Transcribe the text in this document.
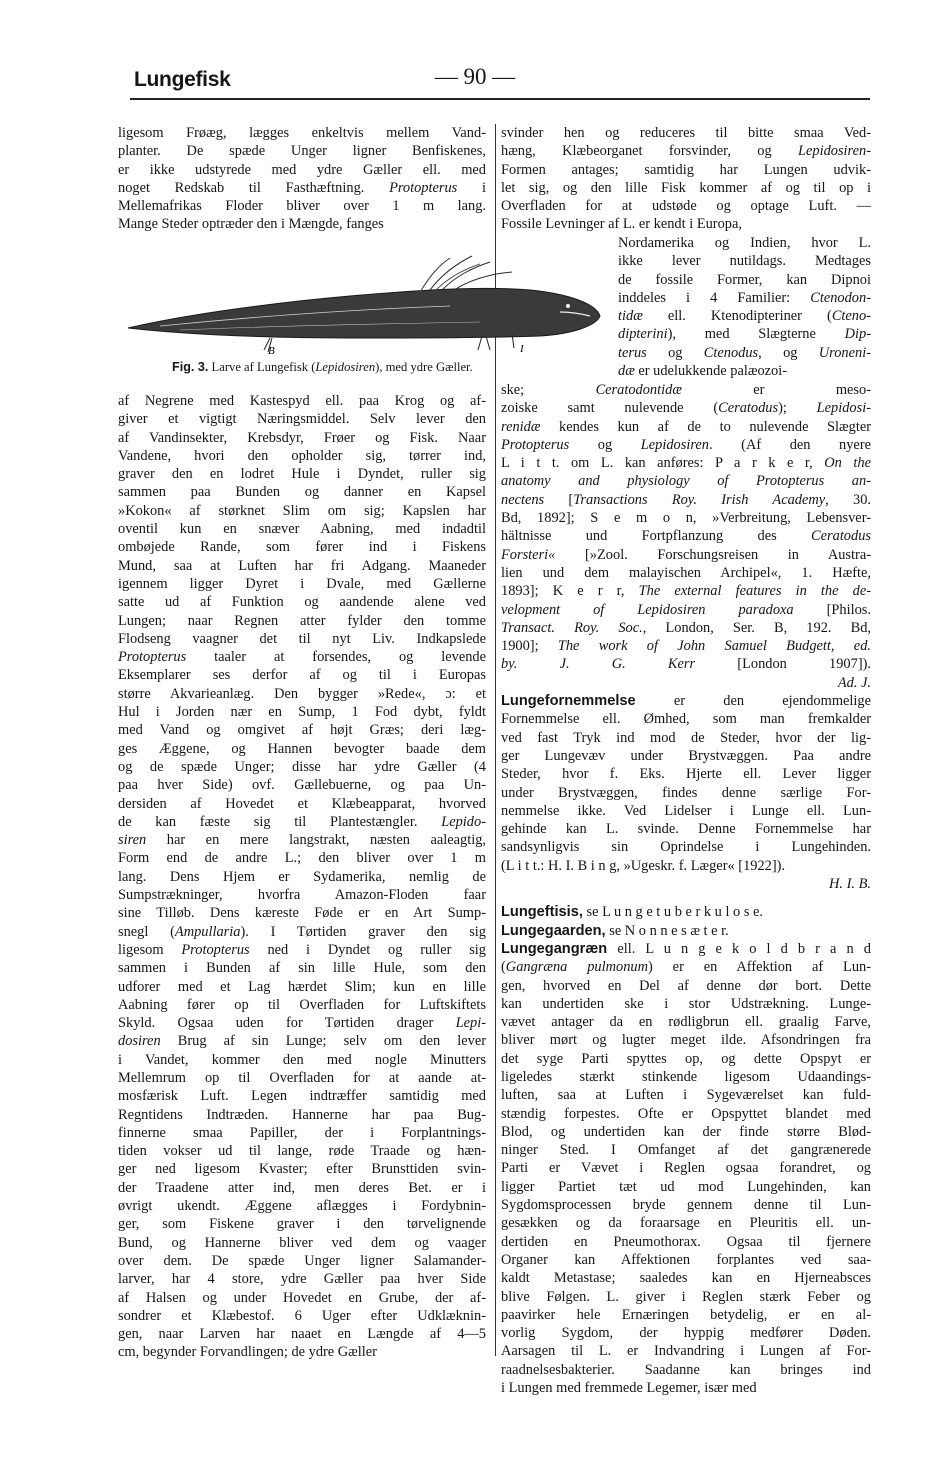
Lungefisk	— 90 —
ligesom Frøæg, lægges enkeltvis mellem Vand-
planter. De spæde Unger ligner Benfiskenes,
er ikke udstyrede med ydre Gæller ell. med
noget Redskab til Fasthæftning. Protopterus i
Mellemafrikas Floder bliver over 1 m lang.
Mange Steder optræder den i Mængde, fanges
B	I
Fig. 3. Larve af Lungefisk (Lepidosiren), med ydre Gæller.
af Negrene med Kastespyd ell. paa Krog og af-
giver et vigtigt Næringsmiddel. Selv lever den
af Vandinsekter, Krebsdyr, Frøer og Fisk. Naar
Vandene, hvori den opholder sig, tørrer ind,
graver den en lodret Hule i Dyndet, ruller sig
sammen paa Bunden og danner en Kapsel
»Kokon« af størknet Slim om sig; Kapslen har
oventil kun en snæver Aabning, med indadtil
ombøjede Rande, som fører ind i Fiskens
Mund, saa at Luften har fri Adgang. Maaneder
igennem ligger Dyret i Dvale, med Gællerne
satte ud af Funktion og aandende alene ved
Lungen; naar Regnen atter fylder den tomme
Flodseng vaagner det til nyt Liv. Indkapslede
Protopterus taaler at forsendes, og levende
Eksemplarer ses derfor af og til i Europas
større Akvarieanlæg. Den bygger »Rede«, ɔ: et
Hul i Jorden nær en Sump, 1 Fod dybt, fyldt
med Vand og omgivet af højt Græs; deri læg-
ges Æggene, og Hannen bevogter baade dem
og de spæde Unger; disse har ydre Gæller (4
paa hver Side) ovf. Gællebuerne, og paa Un-
dersiden af Hovedet et Klæbeapparat, hvorved
de kan fæste sig til Plantestængler. Lepido-
siren har en mere langstrakt, næsten aaleagtig,
Form end de andre L.; den bliver over 1 m
lang. Dens Hjem er Sydamerika, nemlig de
Sumpstrækninger, hvorfra Amazon-Floden faar
sine Tilløb. Dens kæreste Føde er en Art Sump-
snegl (Ampullaria). I Tørtiden graver den sig
ligesom Protopterus ned i Dyndet og ruller sig
sammen i Bunden af sin lille Hule, som den
udforer med et Lag hærdet Slim; kun en lille
Aabning fører op til Overfladen for Luftskiftets
Skyld. Ogsaa uden for Tørtiden drager Lepi-
dosiren Brug af sin Lunge; selv om den lever
i Vandet, kommer den med nogle Minutters
Mellemrum op til Overfladen for at aande at-
mosfærisk Luft. Legen indtræffer samtidig med
Regntidens Indtræden. Hannerne har paa Bug-
finnerne smaa Papiller, der i Forplantnings-
tiden vokser ud til lange, røde Traade og hæn-
ger ned ligesom Kvaster; efter Brunsttiden svin-
der Traadene atter ind, men deres Bet. er i
øvrigt ukendt. Æggene aflægges i Fordybnin-
ger, som Fiskene graver i den tørvelignende
Bund, og Hannerne bliver ved dem og vaager
over dem. De spæde Unger ligner Salamander-
larver, har 4 store, ydre Gæller paa hver Side
af Halsen og under Hovedet en Grube, der af-
sondrer et Klæbestof. 6 Uger efter Udklæknin-
gen, naar Larven har naaet en Længde af 4—5
cm, begynder Forvandlingen; de ydre Gæller
svinder hen og reduceres til bitte smaa Ved-
hæng, Klæbeorganet forsvinder, og Lepidosiren-
Formen antages; samtidig har Lungen udvik-
let sig, og den lille Fisk kommer af og til op i
Overfladen for at udstøde og optage Luft. —
Fossile Levninger af L. er kendt i Europa,
Nordamerika og Indien, hvor L.
ikke lever nutildags. Medtages
de fossile Former, kan Dipnoi
inddeles i 4 Familier: Ctenodon-
tidæ ell. Ktenodipteriner (Cteno-
dipterini), med Slægterne Dip-
terus og Ctenodus, og Uroneni-
dæ er udelukkende palæozoi-
ske; Ceratodontidæ er meso-
zoiske samt nulevende (Ceratodus); Lepidosi-
renidæ kendes kun af de to nulevende Slægter
Protopterus og Lepidosiren. (Af den nyere
L i t t. om L. kan anføres: P a r k e r, On the
anatomy and physiology of Protopterus an-
nectens [Transactions Roy. Irish Academy, 30.
Bd, 1892]; S e m o n, »Verbreitung, Lebensver-
hältnisse und Fortpflanzung des Ceratodus
Forsteri« [»Zool. Forschungsreisen in Austra-
lien und dem malayischen Archipel«, 1. Hæfte,
1893]; K e r r, The external features in the de-
velopment of Lepidosiren paradoxa [Philos.
Transact. Roy. Soc., London, Ser. B, 192. Bd,
1900]; The work of John Samuel Budgett, ed.
by. J. G. Kerr [London 1907]).
Ad. J.
Lungefornemmelse	er den ejendommelige
Fornemmelse ell. Ømhed, som man fremkalder
ved fast Tryk ind mod de Steder, hvor der lig-
ger Lungevæv under Brystvæggen. Paa andre
Steder, hvor f. Eks. Hjerte ell. Lever ligger
under Brystvæggen, findes denne særlige For-
nemmelse ikke. Ved Lidelser i Lunge ell. Lun-
gehinde kan L. svinde. Denne Fornemmelse har
sandsynligvis sin Oprindelse i Lungehinden.
(L i t t.: H. I. B i n g, »Ugeskr. f. Læger« [1922]).
H. I. B.
Lungeftisis, se L u n g e t u b e r k u l o s e.
Lungegaarden, se N o n n e s æ t e r.
Lungegangræn ell. L u n g e k o l d b r a n d
(Gangræna pulmonum) er en Affektion af Lun-
gen, hvorved en Del af denne dør bort. Dette
kan undertiden ske i stor Udstrækning. Lunge-
vævet antager da en rødligbrun ell. graalig Farve,
bliver mørt og lugter meget ilde. Afsondringen fra
det syge Parti spyttes op, og dette Opspyt er
ligeledes stærkt stinkende ligesom Udaandings-
luften, saa at Luften i Sygeværelset kan fuld-
stændig forpestes. Ofte er Opspyttet blandet med
Blod, og undertiden kan der finde større Blød-
ninger Sted. I Omfanget af det gangrænerede
Parti er Vævet i Reglen ogsaa forandret, og
ligger Partiet tæt ud mod Lungehinden, kan
Sygdomsprocessen bryde gennem denne til Lun-
gesækken og da foraarsage en Pleuritis ell. un-
dertiden en Pneumothorax. Ogsaa til fjernere
Organer kan Affektionen forplantes ved saa-
kaldt Metastase; saaledes kan en Hjerneabsces
blive Følgen. L. giver i Reglen stærk Feber og
paavirker hele Ernæringen betydelig, er en al-
vorlig Sygdom, der hyppig medfører Døden.
Aarsagen til L. er Indvandring i Lungen af For-
raadnelsesbakterier. Saadanne kan bringes ind
i Lungen med fremmede Legemer, især med
